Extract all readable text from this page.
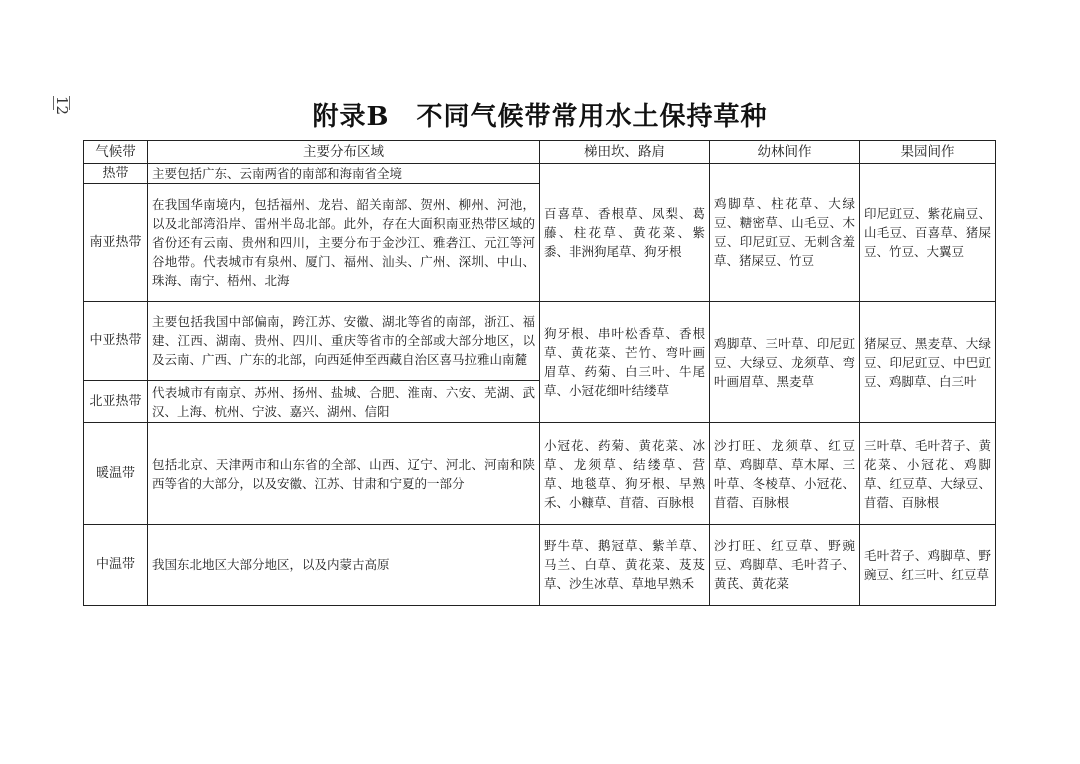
12	附录B　不同气候带常用水土保持草种
气候带	主要分布区域	梯田坎、路肩	幼林间作	果园间作
热带	主要包括广东、云南两省的南部和海南省全境	百喜草、香根草、凤梨、葛藤、柱花草、黄花菜、紫黍、非洲狗尾草、狗牙根	鸡脚草、柱花草、大绿豆、糖密草、山毛豆、木豆、印尼豇豆、无刺含羞草、猪屎豆、竹豆	印尼豇豆、紫花扁豆、山毛豆、百喜草、猪屎豆、竹豆、大翼豆
南亚热带	在我国华南境内，包括福州、龙岩、韶关南部、贺州、柳州、河池，以及北部湾沿岸、雷州半岛北部。此外，存在大面积南亚热带区域的省份还有云南、贵州和四川，主要分布于金沙江、雅砻江、元江等河谷地带。代表城市有泉州、厦门、福州、汕头、广州、深圳、中山、珠海、南宁、梧州、北海			
中亚热带	主要包括我国中部偏南，跨江苏、安徽、湖北等省的南部，浙江、福建、江西、湖南、贵州、四川、重庆等省市的全部或大部分地区，以及云南、广西、广东的北部，向西延伸至西藏自治区喜马拉雅山南麓	狗牙根、串叶松香草、香根草、黄花菜、芒竹、弯叶画眉草、药菊、白三叶、牛尾草、小冠花细叶结缕草	鸡脚草、三叶草、印尼豇豆、大绿豆、龙须草、弯叶画眉草、黑麦草	猪屎豆、黑麦草、大绿豆、印尼豇豆、中巴豇豆、鸡脚草、白三叶
北亚热带	代表城市有南京、苏州、扬州、盐城、合肥、淮南、六安、芜湖、武汉、上海、杭州、宁波、嘉兴、湖州、信阳			
暖温带	包括北京、天津两市和山东省的全部、山西、辽宁、河北、河南和陕西等省的大部分，以及安徽、江苏、甘肃和宁夏的一部分	小冠花、药菊、黄花菜、冰草、龙须草、结缕草、营草、地毯草、狗牙根、早熟禾、小糠草、苜蓿、百脉根	沙打旺、龙须草、红豆草、鸡脚草、草木犀、三叶草、冬棱草、小冠花、苜蓿、百脉根	三叶草、毛叶苕子、黄花菜、小冠花、鸡脚草、红豆草、大绿豆、苜蓿、百脉根
中温带	我国东北地区大部分地区，以及内蒙古高原	野牛草、鹅冠草、紫羊草、马兰、白草、黄花菜、芨芨草、沙生冰草、草地早熟禾	沙打旺、红豆草、野豌豆、鸡脚草、毛叶苕子、黄芪、黄花菜	毛叶苕子、鸡脚草、野豌豆、红三叶、红豆草
